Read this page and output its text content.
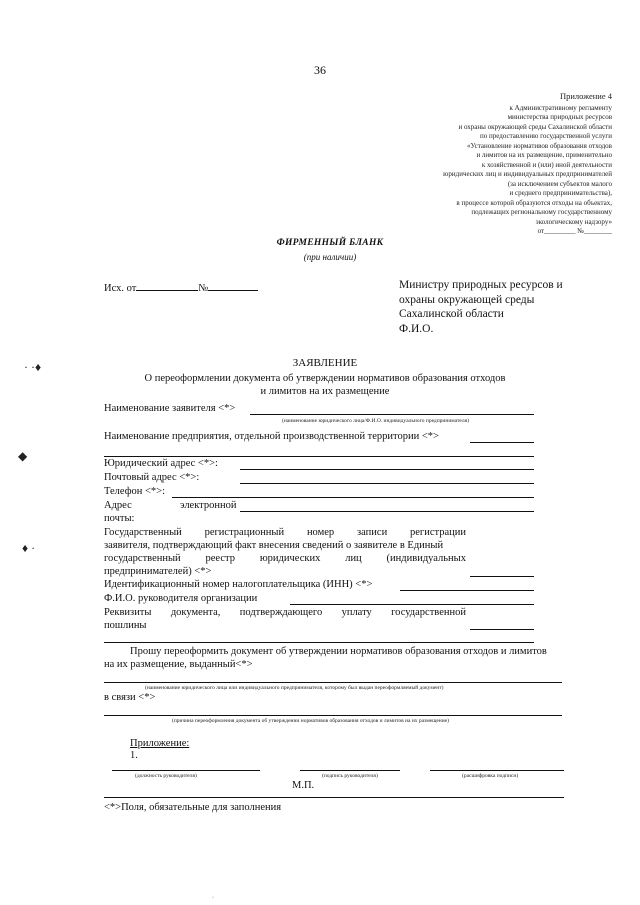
36
Приложение 4
к Административному регламенту
министерства природных ресурсов
и охраны окружающей среды Сахалинской области
по предоставлению государственной услуги
«Установление нормативов образования отходов
и лимитов на их размещение, применительно
к хозяйственной и (или) иной деятельности
юридических лиц и индивидуальных предпринимателей
(за исключением субъектов малого
и среднего предпринимательства),
в процессе которой образуются отходы на объектах,
подлежащих региональному государственному
экологическому надзору»
от_________ №________
ФИРМЕННЫЙ БЛАНК
(при наличии)
Исх. от	№	Министру природных ресурсов и
охраны окружающей среды
Сахалинской области
Ф.И.О.
· ·♦
◆
♦ ·
ЗАЯВЛЕНИЕ
О переоформлении документа об утверждении нормативов образования отходов
и лимитов на их размещение
Наименование заявителя <*>
(наименование юридического лица/Ф.И.О. индивидуального предпринимателя)
Наименование предприятия, отдельной производственной территории <*>
Юридический адрес <*>:
Почтовый адрес <*>:
Телефон <*>:
Адрес	электронной
почты:
Государственный регистрационный номер записи регистрации
заявителя, подтверждающий факт внесения сведений о заявителе в Единый
государственный реестр юридических лиц (индивидуальных
предпринимателей) <*>
Идентификационный номер налогоплательщика (ИНН) <*>
Ф.И.О. руководителя организации
Реквизиты документа, подтверждающего уплату государственной
пошлины
Прошу переоформить документ об утверждении нормативов образования отходов и лимитов
на их размещение, выданный<*>
(наименование юридического лица или индивидуального предпринимателя, которому был выдан переоформляемый документ)
в связи <*>
(причина переоформления документа об утверждении нормативов образования отходов и лимитов на их размещение)
Приложение:
1.
(должность руководителя)	(подпись руководителя)	(расшифровка подписи)
М.П.
<*>Поля, обязательные для заполнения
·
